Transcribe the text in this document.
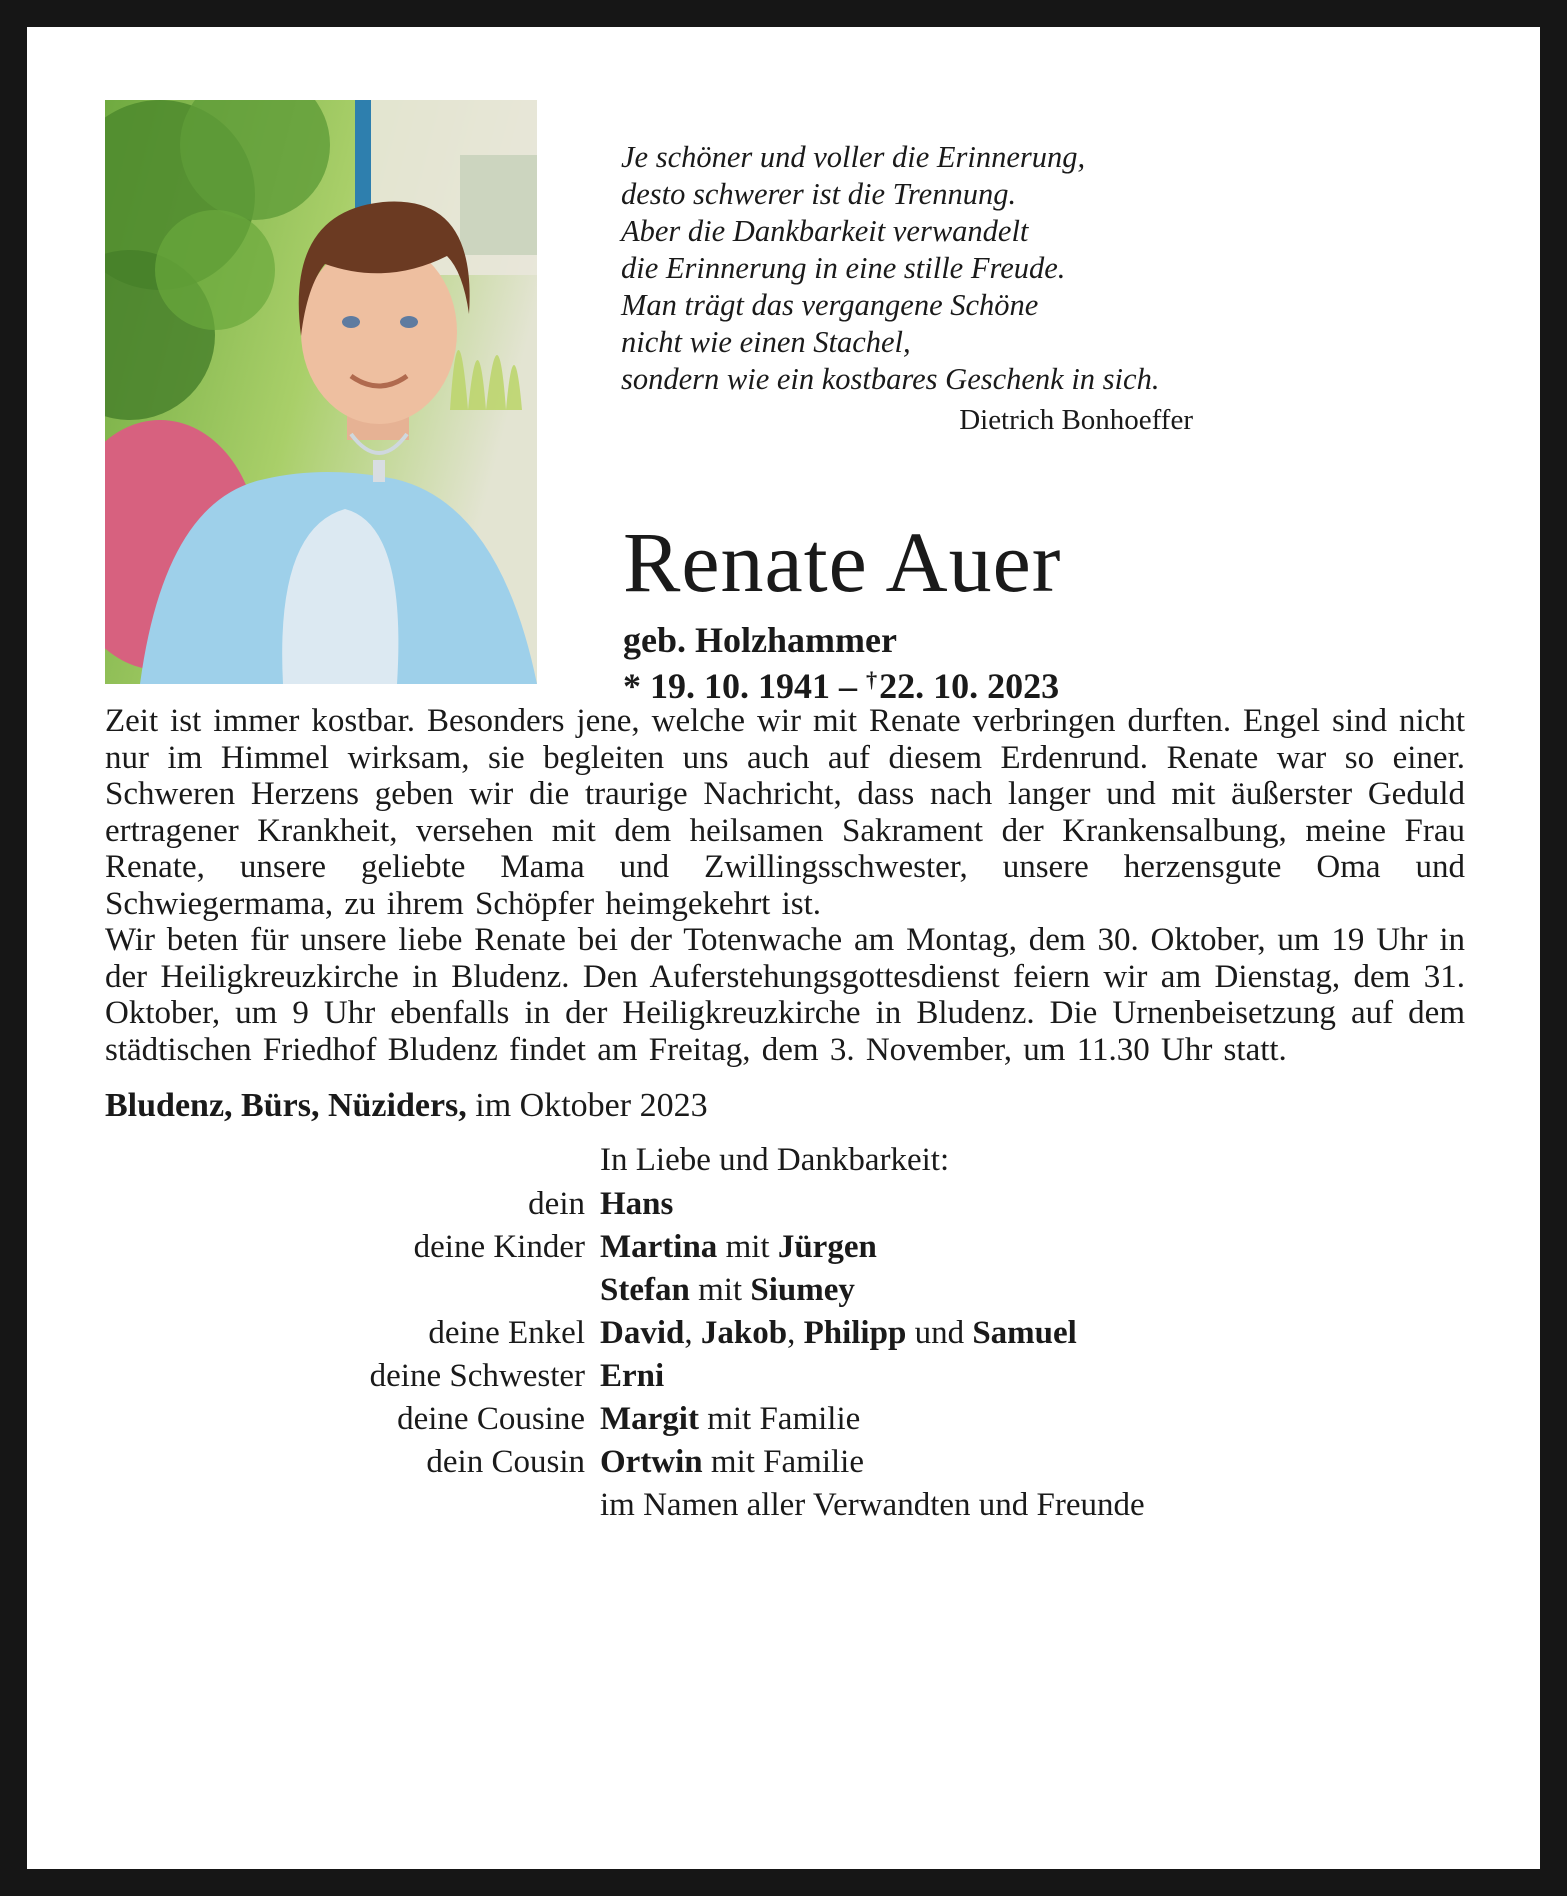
Je schöner und voller die Erinnerung,
desto schwerer ist die Trennung.
Aber die Dankbarkeit verwandelt
die Erinnerung in eine stille Freude.
Man trägt das vergangene Schöne
nicht wie einen Stachel,
sondern wie ein kostbares Geschenk in sich.
Dietrich Bonhoeffer
Renate Auer
geb. Holzhammer
* 19. 10. 1941 – †22. 10. 2023

Zeit ist immer kostbar. Besonders jene, welche wir mit Renate verbringen durften. Engel sind nicht nur im Himmel wirksam, sie begleiten uns auch auf diesem Erdenrund. Renate war so einer. Schweren Herzens geben wir die traurige Nachricht, dass nach langer und mit äußerster Geduld ertragener Krankheit, versehen mit dem heilsamen Sakrament der Krankensalbung, meine Frau Renate, unsere geliebte Mama und Zwillingsschwester, unsere herzensgute Oma und Schwiegermama, zu ihrem Schöpfer heimgekehrt ist.

Wir beten für unsere liebe Renate bei der Totenwache am Montag, dem 30. Oktober, um 19 Uhr in der Heiligkreuzkirche in Bludenz. Den Auferstehungsgottesdienst feiern wir am Dienstag, dem 31. Oktober, um 9 Uhr ebenfalls in der Heiligkreuzkirche in Bludenz. Die Urnenbeisetzung auf dem städtischen Friedhof Bludenz findet am Freitag, dem 3. November, um 11.30 Uhr statt.

Bludenz, Bürs, Nüziders, im Oktober 2023

In Liebe und Dankbarkeit:
dein Hans
deine Kinder Martina mit Jürgen
Stefan mit Siumey
deine Enkel David, Jakob, Philipp und Samuel
deine Schwester Erni
deine Cousine Margit mit Familie
dein Cousin Ortwin mit Familie
im Namen aller Verwandten und Freunde
